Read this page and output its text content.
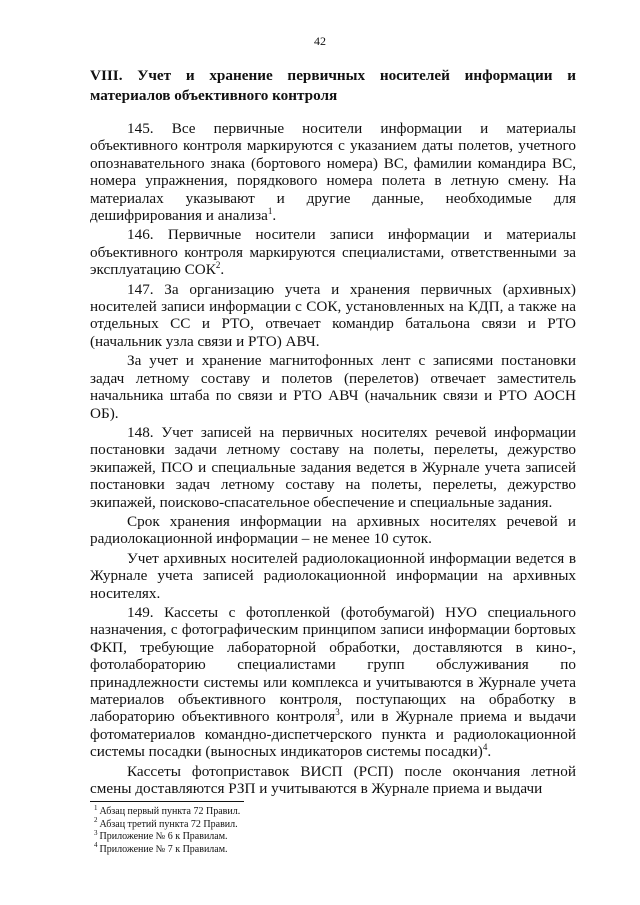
42
VIII. Учет и хранение первичных носителей информации и
материалов объективного контроля

145. Все первичные носители информации и материалы объективного контроля маркируются с указанием даты полетов, учетного опознавательного знака (бортового номера) ВС, фамилии командира ВС, номера упражнения, порядкового номера полета в летную смену. На материалах указывают и другие данные, необходимые для дешифрирования и анализа$^1$.

146. Первичные носители записи информации и материалы объективного контроля маркируются специалистами, ответственными за эксплуатацию СОК$^2$.

147. За организацию учета и хранения первичных (архивных) носителей записи информации с СОК, установленных на КДП, а также на отдельных СС и РТО, отвечает командир батальона связи и РТО (начальник узла связи и РТО) АВЧ.

За учет и хранение магнитофонных лент с записями постановки задач летному составу и полетов (перелетов) отвечает заместитель начальника штаба по связи и РТО АВЧ (начальник связи и РТО АОСН ОБ).

148. Учет записей на первичных носителях речевой информации постановки задачи летному составу на полеты, перелеты, дежурство экипажей, ПСО и специальные задания ведется в Журнале учета записей постановки задач летному составу на полеты, перелеты, дежурство экипажей, поисково-спасательное обеспечение и специальные задания.

Срок хранения информации на архивных носителях речевой и радиолокационной информации – не менее 10 суток.

Учет архивных носителей радиолокационной информации ведется в Журнале учета записей радиолокационной информации на архивных носителях.

149. Кассеты с фотопленкой (фотобумагой) НУО специального назначения, с фотографическим принципом записи информации бортовых ФКП, требующие лабораторной обработки, доставляются в кино-, фотолабораторию специалистами групп обслуживания по принадлежности системы или комплекса и учитываются в Журнале учета материалов объективного контроля, поступающих на обработку в лабораторию объективного контроля$^3$, или в Журнале приема и выдачи фотоматериалов командно-диспетчерского пункта и радиолокационной системы посадки (выносных индикаторов системы посадки)$^4$.

Кассеты фотоприставок ВИСП (РСП) после окончания летной смены доставляются РЗП и учитываются в Журнале приема и выдачи

$^1$ Абзац первый пункта 72 Правил.
$^2$ Абзац третий пункта 72 Правил.
$^3$ Приложение № 6 к Правилам.
$^4$ Приложение № 7 к Правилам.
